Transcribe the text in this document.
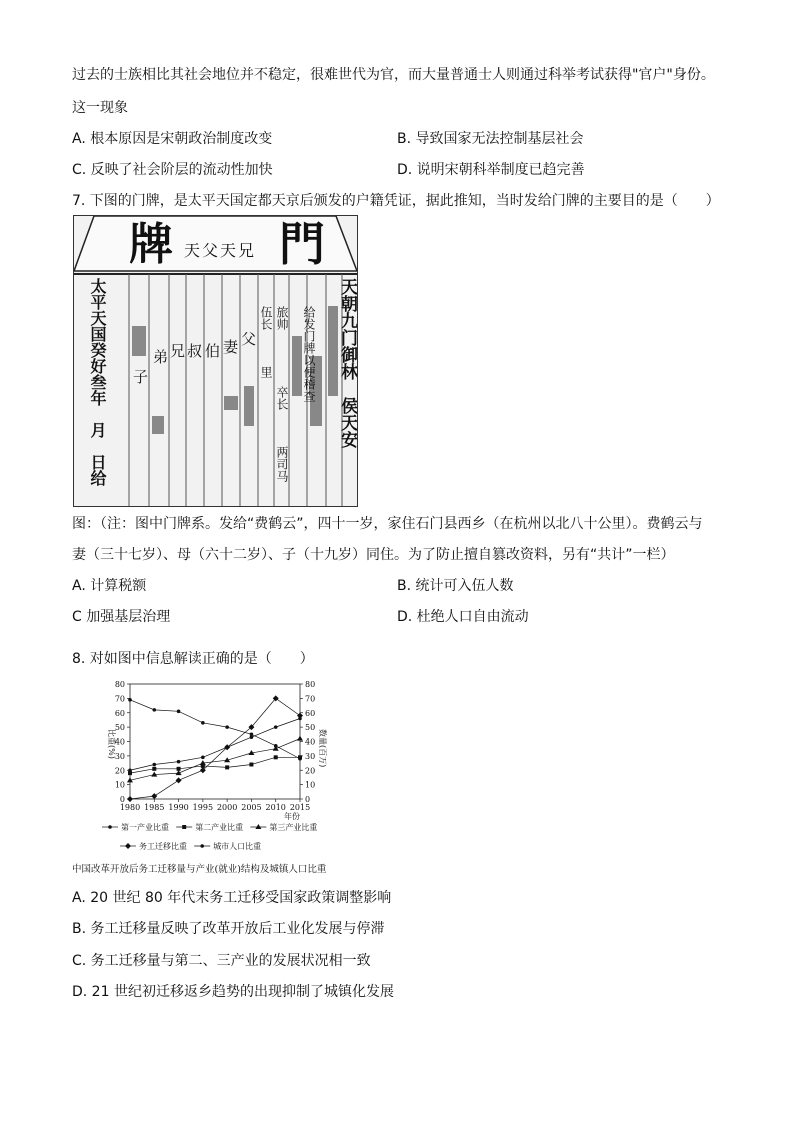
过去的士族相比其社会地位并不稳定，很难世代为官，而大量普通士人则通过科举考试获得"官户"身份。
这一现象
A. 根本原因是宋朝政治制度改变	B. 导致国家无法控制基层社会
C. 反映了社会阶层的流动性加快	D. 说明宋朝科举制度已趋完善
7. 下图的门牌，是太平天国定都天京后颁发的户籍凭证，据此推知，当时发给门牌的主要目的是（　　）
牌 門
天父天兄
太平天国癸好叁年　月　日给	天朝九门御林　侯天安
给发门牌以便稽查
旅帅
卒长
两司马
伍长
里
父
伯
叔
兄
弟
妻
子
图：（注：图中门牌系。发给“费鹤云”，四十一岁，家住石门县西乡（在杭州以北八十公里）。费鹤云与
妻（三十七岁）、母（六十二岁）、子（十九岁）同住。为了防止擅自篡改资料，另有“共计”一栏）
A. 计算税额	B. 统计可入伍人数
C 加强基层治理	D. 杜绝人口自由流动
8. 对如图中信息解读正确的是（　　）
0	0
10	10
20	20
30	30
40	40
50	50
60	60
70	70
80	80
1980 1985 1990 1995 2000 2005 2010 2015
比重(%)	数量(百万)
年份
第一产业比重	第二产业比重	第三产业比重
务工迁移比重	城市人口比重
中国改革开放后务工迁移量与产业(就业)结构及城镇人口比重
A. 20 世纪 80 年代末务工迁移受国家政策调整影响
B. 务工迁移量反映了改革开放后工业化发展与停滞
C. 务工迁移量与第二、三产业的发展状况相一致
D. 21 世纪初迁移返乡趋势的出现抑制了城镇化发展
